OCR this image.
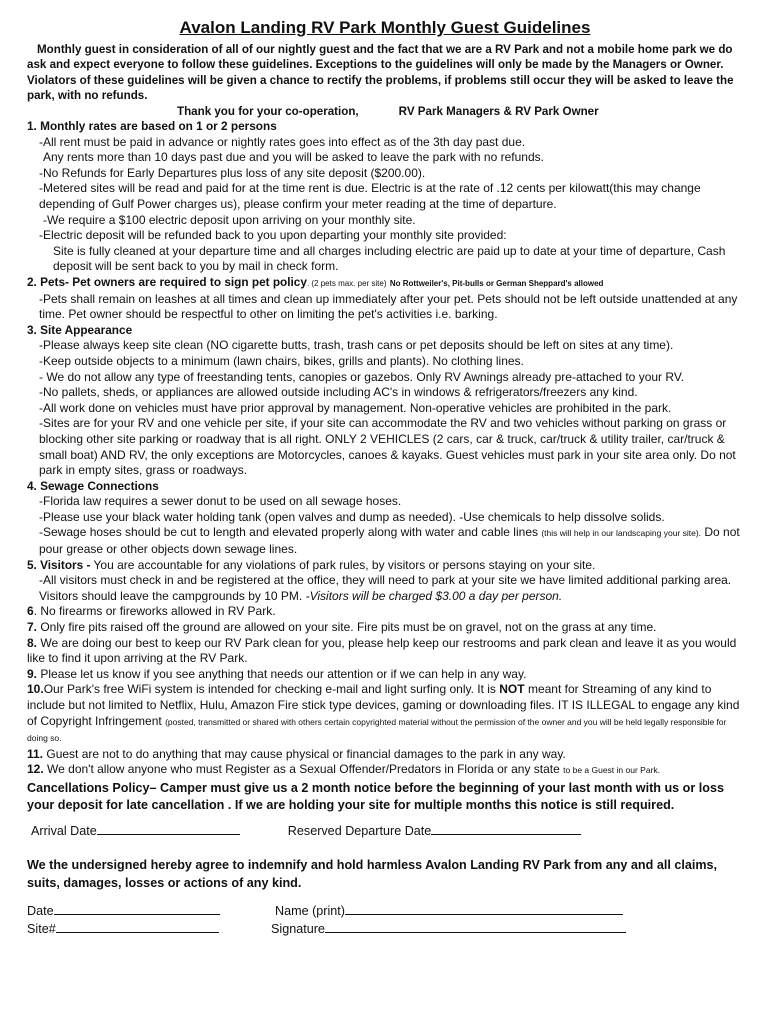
Avalon Landing RV Park Monthly Guest Guidelines
Monthly guest in consideration of all of our nightly guest and the fact that we are a RV Park and not a mobile home park we do ask and expect everyone to follow these guidelines. Exceptions to the guidelines will only be made by the Managers or Owner. Violators of these guidelines will be given a chance to rectify the problems, if problems still occur they will be asked to leave the park, with no refunds.
Thank you for your co-operation,	RV Park Managers & RV Park Owner
1. Monthly rates are based on 1 or 2 persons
-All rent must be paid in advance or nightly rates goes into effect as of the 3th day past due.
Any rents more than 10 days past due and you will be asked to leave the park with no refunds.
-No Refunds for Early Departures plus loss of any site deposit ($200.00).
-Metered sites will be read and paid for at the time rent is due. Electric is at the rate of .12 cents per kilowatt(this may change depending of Gulf Power charges us), please confirm your meter reading at the time of departure.
-We require a $100 electric deposit upon arriving on your monthly site.
-Electric deposit will be refunded back to you upon departing your monthly site provided:
Site is fully cleaned at your departure time and all charges including electric are paid up to date at your time of departure, Cash deposit will be sent back to you by mail in check form.
2. Pets- Pet owners are required to sign pet policy. (2 pets max. per site) No Rottweiler's, Pit-bulls or German Sheppard's allowed
-Pets shall remain on leashes at all times and clean up immediately after your pet. Pets should not be left outside unattended at any time. Pet owner should be respectful to other on limiting the pet's activities i.e. barking.
3. Site Appearance
-Please always keep site clean (NO cigarette butts, trash, trash cans or pet deposits should be left on sites at any time).
-Keep outside objects to a minimum (lawn chairs, bikes, grills and plants). No clothing lines.
- We do not allow any type of freestanding tents, canopies or gazebos. Only RV Awnings already pre-attached to your RV.
-No pallets, sheds, or appliances are allowed outside including AC's in windows & refrigerators/freezers any kind.
-All work done on vehicles must have prior approval by management. Non-operative vehicles are prohibited in the park.
-Sites are for your RV and one vehicle per site, if your site can accommodate the RV and two vehicles without parking on grass or blocking other site parking or roadway that is all right. ONLY 2 VEHICLES (2 cars, car & truck, car/truck & utility trailer, car/truck & small boat) AND RV, the only exceptions are Motorcycles, canoes & kayaks. Guest vehicles must park in your site area only. Do not park in empty sites, grass or roadways.
4. Sewage Connections
-Florida law requires a sewer donut to be used on all sewage hoses.
-Please use your black water holding tank (open valves and dump as needed). -Use chemicals to help dissolve solids.
-Sewage hoses should be cut to length and elevated properly along with water and cable lines (this will help in our landscaping your site). Do not pour grease or other objects down sewage lines.
5. Visitors - You are accountable for any violations of park rules, by visitors or persons staying on your site.
-All visitors must check in and be registered at the office, they will need to park at your site we have limited additional parking area. Visitors should leave the campgrounds by 10 PM. -Visitors will be charged $3.00 a day per person.
6. No firearms or fireworks allowed in RV Park.
7. Only fire pits raised off the ground are allowed on your site. Fire pits must be on gravel, not on the grass at any time.
8. We are doing our best to keep our RV Park clean for you, please help keep our restrooms and park clean and leave it as you would like to find it upon arriving at the RV Park.
9. Please let us know if you see anything that needs our attention or if we can help in any way.
10.Our Park's free WiFi system is intended for checking e-mail and light surfing only. It is NOT meant for Streaming of any kind to include but not limited to Netflix, Hulu, Amazon Fire stick type devices, gaming or downloading files. IT IS ILLEGAL to engage any kind of Copyright Infringement (posted, transmitted or shared with others certain copyrighted material without the permission of the owner and you will be held legally responsible for doing so.
11. Guest are not to do anything that may cause physical or financial damages to the park in any way.
12. We don't allow anyone who must Register as a Sexual Offender/Predators in Florida or any state to be a Guest in our Park.
Cancellations Policy– Camper must give us a 2 month notice before the beginning of your last month with us or loss your deposit for late cancellation . If we are holding your site for multiple months this notice is still required.
Arrival Date	Reserved Departure Date
We the undersigned hereby agree to indemnify and hold harmless Avalon Landing RV Park from any and all claims, suits, damages, losses or actions of any kind.
Date	Name (print)
Site#	Signature
